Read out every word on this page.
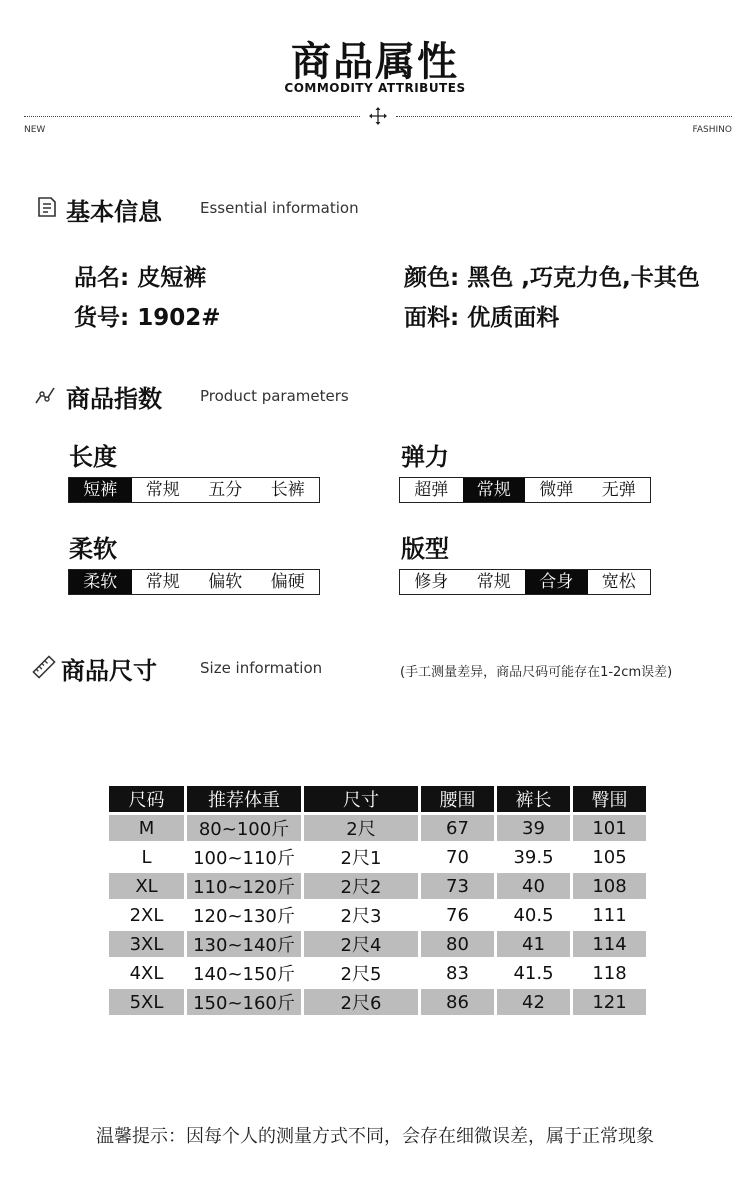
商品属性
COMMODITY ATTRIBUTES
NEW	FASHINO
基本信息	Essential information
品名: 皮短裤	颜色: 黑色 ,巧克力色,卡其色
货号: 1902#	面料: 优质面料
商品指数	Product parameters
长度
短裤	常规	五分	长裤
弹力
超弹	常规	微弹	无弹
柔软
柔软	常规	偏软	偏硬
版型
修身	常规	合身	宽松
商品尺寸	Size information	(手工测量差异，商品尺码可能存在1-2cm误差)
尺码	推荐体重	尺寸	腰围	裤长	臀围
M	80~100斤	2尺	67	39	101
L	100~110斤	2尺1	70	39.5	105
XL	110~120斤	2尺2	73	40	108
2XL	120~130斤	2尺3	76	40.5	111
3XL	130~140斤	2尺4	80	41	114
4XL	140~150斤	2尺5	83	41.5	118
5XL	150~160斤	2尺6	86	42	121
温馨提示：因每个人的测量方式不同，会存在细微误差，属于正常现象
